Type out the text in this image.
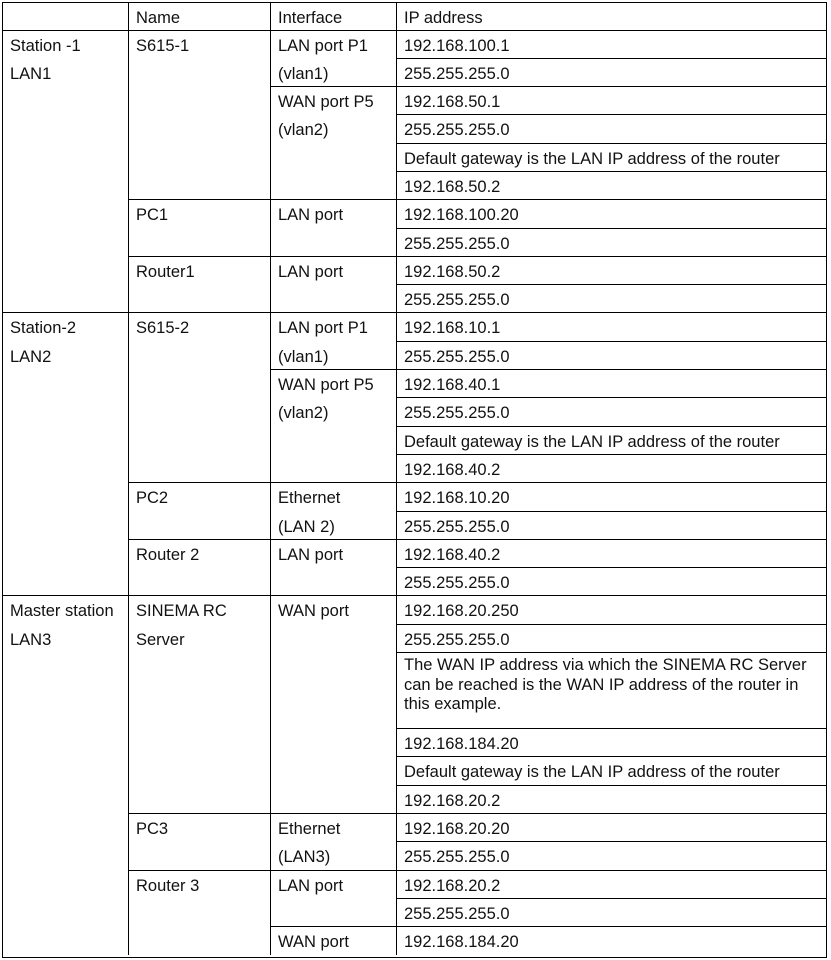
Name	Interface	IP address
192.168.100.1
255.255.255.0
LAN port P1
(vlan1)
192.168.50.1
255.255.255.0
Default gateway is the LAN IP address of the router
192.168.50.2
WAN port P5
(vlan2)
S615-1
192.168.100.20
255.255.255.0
LAN port
PC1
192.168.50.2
255.255.255.0
LAN port
Router1
Station -1
LAN1
192.168.10.1
255.255.255.0
LAN port P1
(vlan1)
192.168.40.1
255.255.255.0
Default gateway is the LAN IP address of the router
192.168.40.2
WAN port P5
(vlan2)
S615-2
192.168.10.20
255.255.255.0
Ethernet
(LAN 2)
PC2
192.168.40.2
255.255.255.0
LAN port
Router 2
Station-2
LAN2
192.168.20.250
255.255.255.0
The WAN IP address via which the SINEMA RC Server can be reached is the WAN IP address of the router in this example.
192.168.184.20
Default gateway is the LAN IP address of the router
192.168.20.2
WAN port
SINEMA RC
Server
192.168.20.20
255.255.255.0
Ethernet
(LAN3)
PC3
192.168.20.2
255.255.255.0
LAN port
192.168.184.20
WAN port
Router 3
Master station
LAN3
